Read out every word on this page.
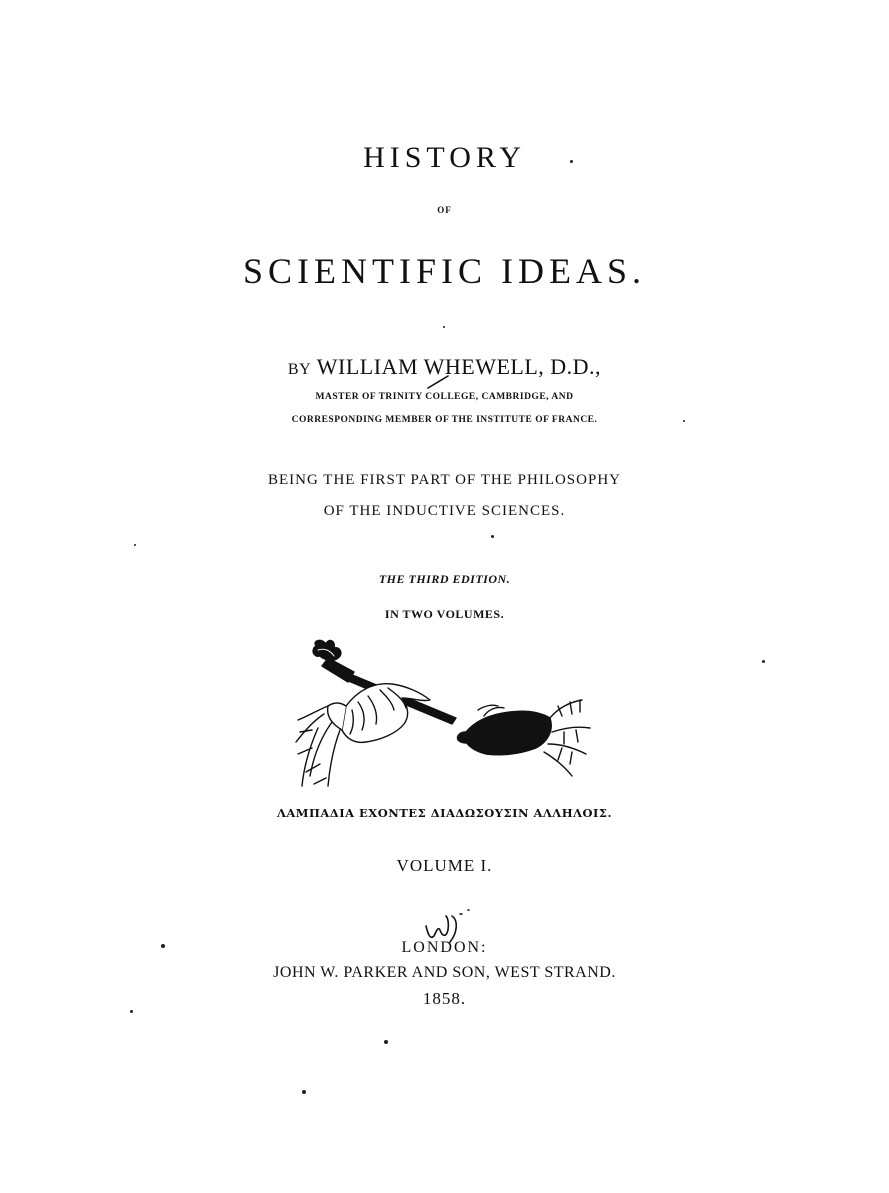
HISTORY
OF
SCIENTIFIC IDEAS.
BY WILLIAM WHEWELL, D.D.,
MASTER OF TRINITY COLLEGE, CAMBRIDGE, AND
CORRESPONDING MEMBER OF THE INSTITUTE OF FRANCE.
BEING THE FIRST PART OF THE PHILOSOPHY
OF THE INDUCTIVE SCIENCES.
THE THIRD EDITION.
IN TWO VOLUMES.
ΛΑΜΠΑΔΙΑ ΕΧΟΝΤΕΣ ΔΙΑΔΩΣΟΥΣΙΝ ΑΛΛΗΛΟΙΣ.
VOLUME I.
LONDON:
JOHN W. PARKER AND SON, WEST STRAND.
1858.
